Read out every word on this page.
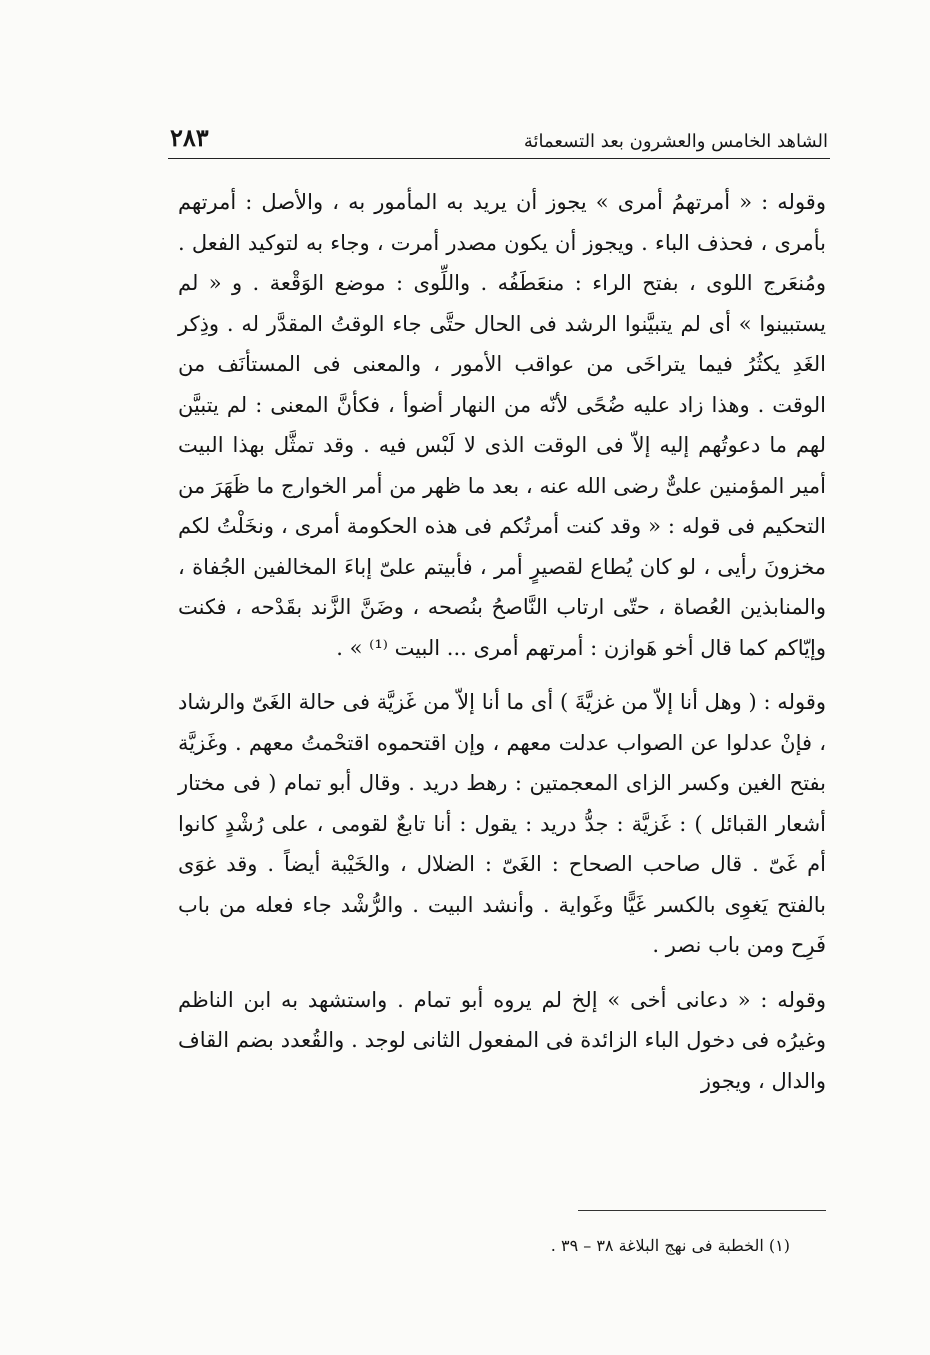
الشاهد الخامس والعشرون بعد التسعمائة
٢٨٣

وقوله : « أمرتهمُ أمرى » يجوز أن يريد به المأمور به ، والأصل : أمرتهم بأمرى ، فحذف الباء . ويجوز أن يكون مصدر أمرت ، وجاء به لتوكيد الفعل . ومُنعَرج اللوى ، بفتح الراء : منعَطَفُه . واللِّوى : موضع الوَقْعة . و « لم يستبينوا » أى لم يتبيَّنوا الرشد فى الحال حتَّى جاء الوقتُ المقدَّر له . وذِكر الغَدِ يكثُرُ فيما يتراخَى من عواقب الأمور ، والمعنى فى المستأنَف من الوقت . وهذا زاد عليه ضُحًى لأنّه من النهار أضوأ ، فكأنَّ المعنى : لم يتبيَّن لهم ما دعوتُهم إليه إلاّ فى الوقت الذى لا لَبْس فيه . وقد تمثَّل بهذا البيت أمير المؤمنين علىٌّ رضى الله عنه ، بعد ما ظهر من أمر الخوارج ما ظَهَرَ من التحكيم فى قوله : « وقد كنت أمرتُكم فى هذه الحكومة أمرى ، ونخَلْتُ لكم مخزونَ رأيى ، لو كان يُطاع لقصيرٍ أمر ، فأبيتم علىّ إباءَ المخالفين الجُفاة ، والمنابذين العُصاة ، حتّى ارتاب النَّاصحُ بنُصحه ، وضَنَّ الزَّند بقَدْحه ، فكنت وإيّاكم كما قال أخو هَوازن : أمرتهم أمرى ... البيت ⁽¹⁾ » .

وقوله : ( وهل أنا إلاّ من غزيَّةَ ) أى ما أنا إلاّ من غَزيَّة فى حالة الغَىّ والرشاد ، فإنْ عدلوا عن الصواب عدلت معهم ، وإن اقتحموه اقتحْمتُ معهم . وغَزيَّة بفتح الغين وكسر الزاى المعجمتين : رهط دريد . وقال أبو تمام ( فى مختار أشعار القبائل ) : غَزيَّة : جدُّ دريد : يقول : أنا تابعٌ لقومى ، على رُشْدٍ كانوا أم غَىّ . قال صاحب الصحاح : الغَىّ : الضلال ، والخَيْبة أيضاً . وقد غوَى بالفتح يَغوِى بالكسر غَيًّا وغَواية . وأنشد البيت . والرُّشْد جاء فعله من باب فَرِح ومن باب نصر .

وقوله : « دعانى أخى » إلخ لم يروه أبو تمام . واستشهد به ابن الناظم وغيرُه فى دخول الباء الزائدة فى المفعول الثانى لوجد . والقُعدد بضم القاف والدال ، ويجوز

(١) الخطبة فى نهج البلاغة ٣٨ – ٣٩ .
